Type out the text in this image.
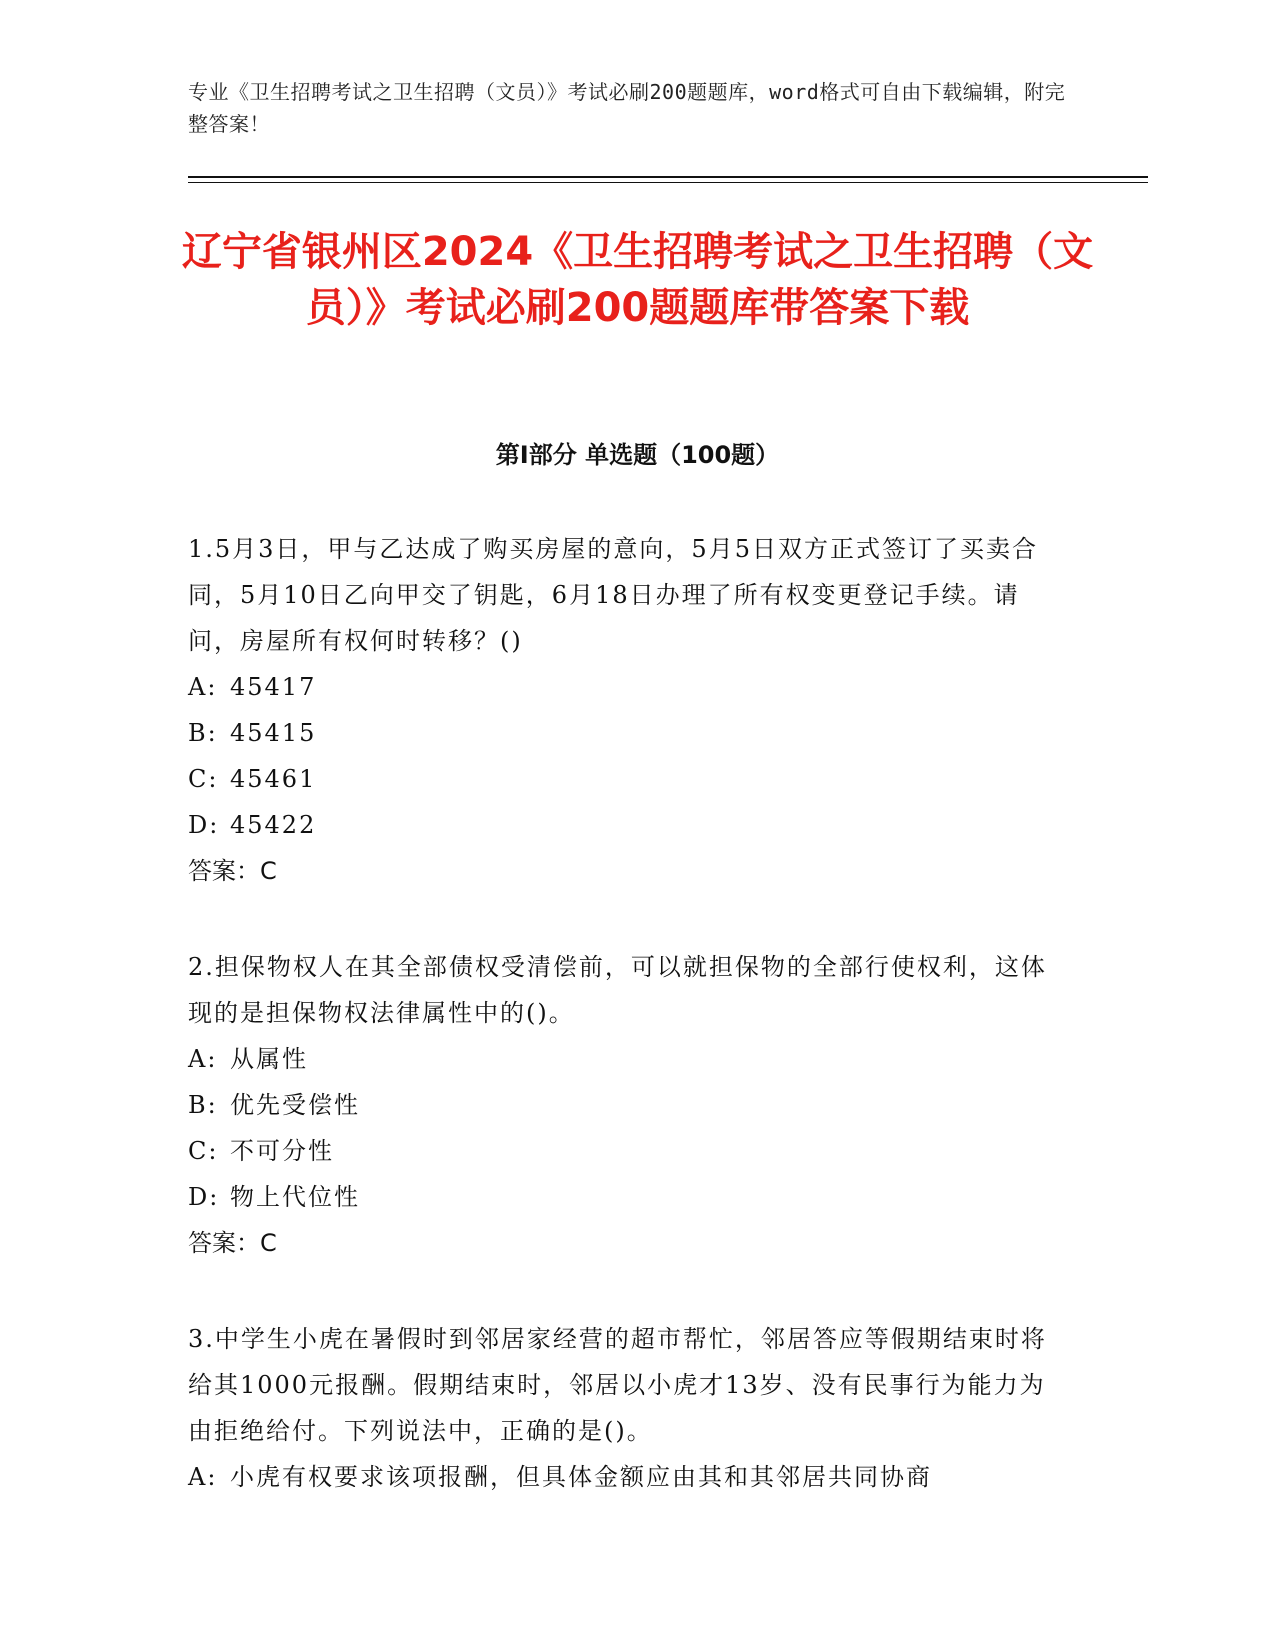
专业《卫生招聘考试之卫生招聘（文员）》考试必刷200题题库，word格式可自由下载编辑，附完整答案！
辽宁省银州区2024《卫生招聘考试之卫生招聘（文员）》考试必刷200题题库带答案下载
第Ⅰ部分 单选题（100题）
1.5月3日，甲与乙达成了购买房屋的意向，5月5日双方正式签订了买卖合同，5月10日乙向甲交了钥匙，6月18日办理了所有权变更登记手续。请问，房屋所有权何时转移？()
A: 45417
B: 45415
C: 45461
D: 45422
答案：C
2.担保物权人在其全部债权受清偿前，可以就担保物的全部行使权利，这体现的是担保物权法律属性中的()。
A: 从属性
B: 优先受偿性
C: 不可分性
D: 物上代位性
答案：C
3.中学生小虎在暑假时到邻居家经营的超市帮忙，邻居答应等假期结束时将给其1000元报酬。假期结束时，邻居以小虎才13岁、没有民事行为能力为由拒绝给付。下列说法中，正确的是()。
A: 小虎有权要求该项报酬，但具体金额应由其和其邻居共同协商
